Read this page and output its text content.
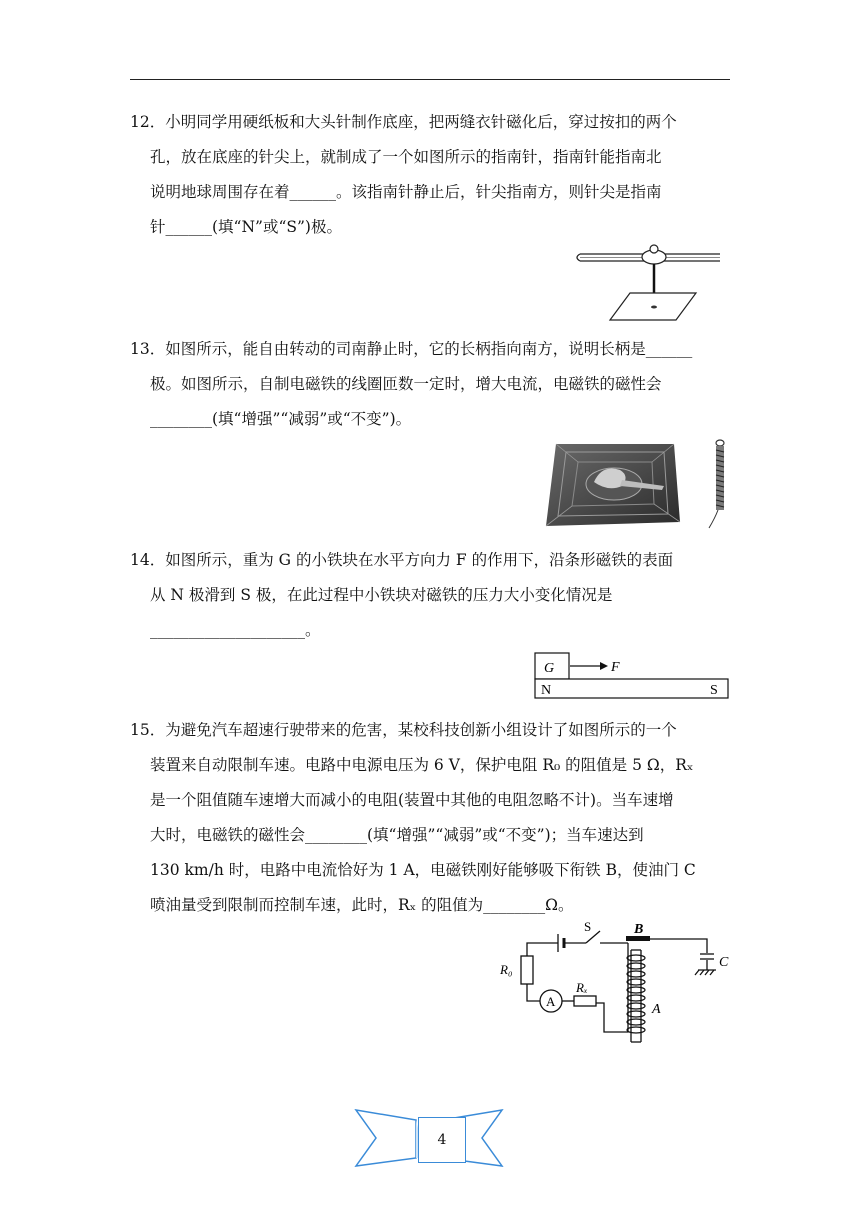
12．小明同学用硬纸板和大头针制作底座，把两缝衣针磁化后，穿过按扣的两个
孔，放在底座的针尖上，就制成了一个如图所示的指南针，指南针能指南北
说明地球周围存在着______。该指南针静止后，针尖指南方，则针尖是指南
针______(填“N”或“S”)极。
13．如图所示，能自由转动的司南静止时，它的长柄指向南方，说明长柄是______
极。如图所示，自制电磁铁的线圈匝数一定时，增大电流，电磁铁的磁性会
________(填“增强”“减弱”或“不变”)。
14．如图所示，重为 G 的小铁块在水平方向力 F 的作用下，沿条形磁铁的表面
从 N 极滑到 S 极，在此过程中小铁块对磁铁的压力大小变化情况是
____________________。
G	F
N	S
15．为避免汽车超速行驶带来的危害，某校科技创新小组设计了如图所示的一个
装置来自动限制车速。电路中电源电压为 6 V，保护电阻 R₀ 的阻值是 5 Ω，Rₓ
是一个阻值随车速增大而减小的电阻(装置中其他的电阻忽略不计)。当车速增
大时，电磁铁的磁性会________(填“增强”“减弱”或“不变”)；当车速达到
130 km/h 时，电路中电流恰好为 1 A，电磁铁刚好能够吸下衔铁 B，使油门 C
喷油量受到限制而控制车速，此时，Rₓ 的阻值为________Ω。
S	B
C
R₀
Rₓ
A
A
4
